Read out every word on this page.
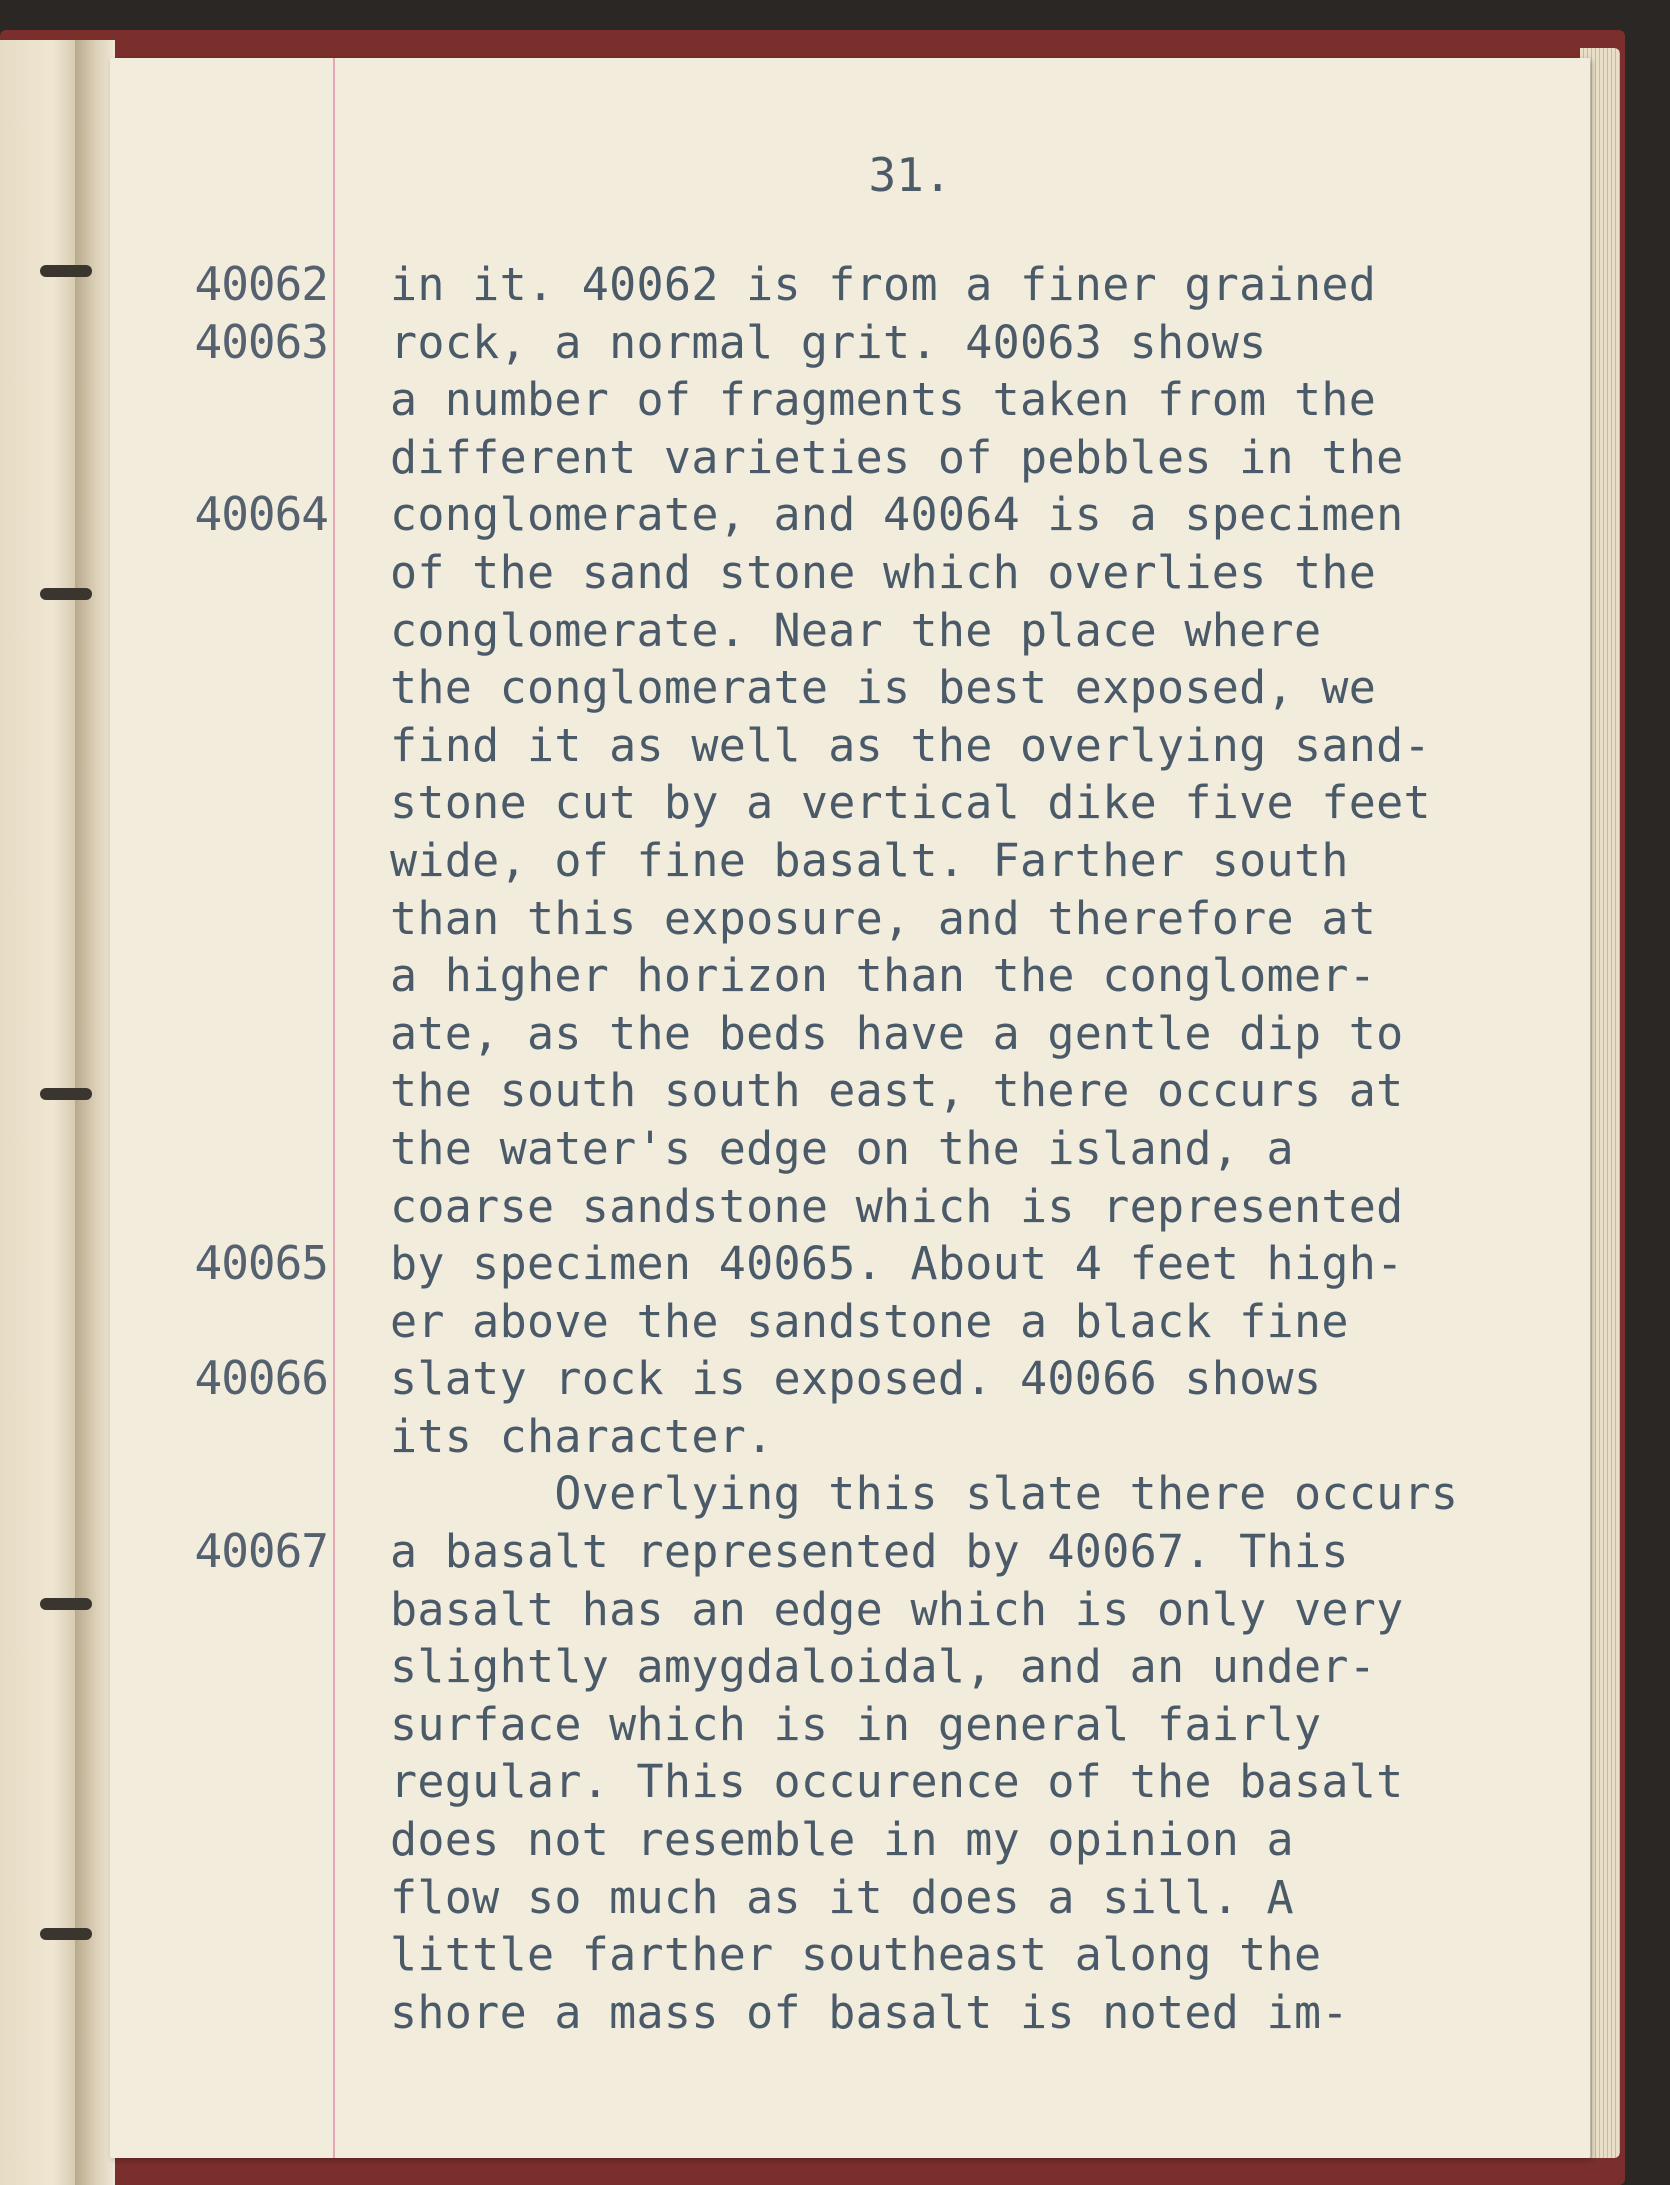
31.
40062
40063
40064
40065
40066
40067
in it. 40062 is from a finer grained
rock, a normal grit. 40063 shows
a number of fragments taken from the
different varieties of pebbles in the
conglomerate, and 40064 is a specimen
of the sand stone which overlies the
conglomerate. Near the place where
the conglomerate is best exposed, we
find it as well as the overlying sand-
stone cut by a vertical dike five feet
wide, of fine basalt. Farther south
than this exposure, and therefore at
a higher horizon than the conglomer-
ate, as the beds have a gentle dip to
the south south east, there occurs at
the water's edge on the island, a
coarse sandstone which is represented
by specimen 40065. About 4 feet high-
er above the sandstone a black fine
slaty rock is exposed. 40066 shows
its character.
Overlying this slate there occurs
a basalt represented by 40067. This
basalt has an edge which is only very
slightly amygdaloidal, and an under-
surface which is in general fairly
regular. This occurence of the basalt
does not resemble in my opinion a
flow so much as it does a sill. A
little farther southeast along the
shore a mass of basalt is noted im-
